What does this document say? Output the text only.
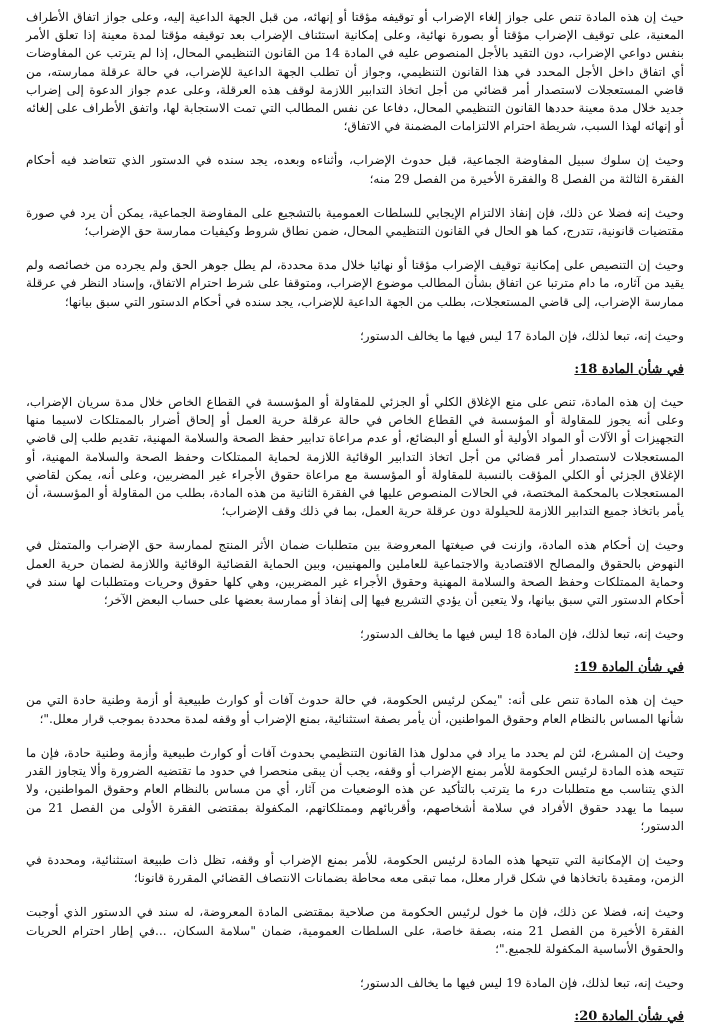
حيث إن هذه المادة تنص على جواز إلغاء الإضراب أو توقيفه مؤقتا أو إنهائه، من قبل الجهة الداعية إليه، وعلى جواز اتفاق الأطراف المعنية، على توقيف الإضراب مؤقتا أو بصورة نهائية، وعلى إمكانية استئناف الإضراب بعد توقيفه مؤقتا لمدة معينة إذا تعلق الأمر بنفس دواعي الإضراب، دون التقيد بالأجل المنصوص عليه في المادة 14 من القانون التنظيمي المحال، إذا لم يترتب عن المفاوضات أي اتفاق داخل الأجل المحدد في هذا القانون التنظيمي، وجواز أن تطلب الجهة الداعية للإضراب، في حالة عرقلة ممارسته، من قاضي المستعجلات لاستصدار أمر قضائي من أجل اتخاذ التدابير اللازمة لوقف هذه العرقلة، وعلى عدم جواز الدعوة إلى إضراب جديد خلال مدة معينة حددها القانون التنظيمي المحال، دفاعا عن نفس المطالب التي تمت الاستجابة لها، واتفق الأطراف على إلغائه أو إنهائه لهذا السبب، شريطة احترام الالتزامات المضمنة في الاتفاق؛

وحيث إن سلوك سبيل المفاوضة الجماعية، قبل حدوث الإضراب، وأثناءه وبعده، يجد سنده في الدستور الذي تتعاضد فيه أحكام الفقرة الثالثة من الفصل 8 والفقرة الأخيرة من الفصل 29 منه؛

وحيث إنه فضلا عن ذلك، فإن إنفاذ الالتزام الإيجابي للسلطات العمومية بالتشجيع على المفاوضة الجماعية، يمكن أن يرد في صورة مقتضيات قانونية، تتدرج، كما هو الحال في القانون التنظيمي المحال، ضمن نطاق شروط وكيفيات ممارسة حق الإضراب؛

وحيث إن التنصيص على إمكانية توقيف الإضراب مؤقتا أو نهائيا خلال مدة محددة، لم يطل جوهر الحق ولم يجرده من خصائصه ولم يقيد من آثاره، ما دام مترتبا عن اتفاق بشأن المطالب موضوع الإضراب، ومتوقفا على شرط احترام الاتفاق، وإسناد النظر في عرقلة ممارسة الإضراب، إلى قاضي المستعجلات، بطلب من الجهة الداعية للإضراب، يجد سنده في أحكام الدستور التي سبق بيانها؛

وحيث إنه، تبعا لذلك، فإن المادة 17 ليس فيها ما يخالف الدستور؛

في شأن المادة 18:

حيث إن هذه المادة، تنص على منع الإغلاق الكلي أو الجزئي للمقاولة أو المؤسسة في القطاع الخاص خلال مدة سريان الإضراب، وعلى أنه يجوز للمقاولة أو المؤسسة في القطاع الخاص في حالة عرقلة حرية العمل أو إلحاق أضرار بالممتلكات لاسيما منها التجهيزات أو الآلات أو المواد الأولية أو السلع أو البضائع، أو عدم مراعاة تدابير حفظ الصحة والسلامة المهنية، تقديم طلب إلى قاضي المستعجلات لاستصدار أمر قضائي من أجل اتخاذ التدابير الوقائية اللازمة لحماية الممتلكات وحفظ الصحة والسلامة المهنية، أو الإغلاق الجزئي أو الكلي المؤقت بالنسبة للمقاولة أو المؤسسة مع مراعاة حقوق الأجراء غير المضربين، وعلى أنه، يمكن لقاضي المستعجلات بالمحكمة المختصة، في الحالات المنصوص عليها في الفقرة الثانية من هذه المادة، بطلب من المقاولة أو المؤسسة، أن يأمر باتخاذ جميع التدابير اللازمة للحيلولة دون عرقلة حرية العمل، بما في ذلك وقف الإضراب؛

وحيث إن أحكام هذه المادة، وازنت في صيغتها المعروضة بين متطلبات ضمان الأثر المنتج لممارسة حق الإضراب والمتمثل في النهوض بالحقوق والمصالح الاقتصادية والاجتماعية للعاملين والمهنيين، وبين الحماية القضائية الوقائية واللازمة لضمان حرية العمل وحماية الممتلكات وحفظ الصحة والسلامة المهنية وحقوق الأجراء غير المضربين، وهي كلها حقوق وحريات ومتطلبات لها سند في أحكام الدستور التي سبق بيانها، ولا يتعين أن يؤدي التشريع فيها إلى إنفاذ أو ممارسة بعضها على حساب البعض الآخر؛

وحيث إنه، تبعا لذلك، فإن المادة 18 ليس فيها ما يخالف الدستور؛

في شأن المادة 19:

حيث إن هذه المادة تنص على أنه: "يمكن لرئيس الحكومة، في حالة حدوث آفات أو كوارث طبيعية أو أزمة وطنية حادة التي من شأنها المساس بالنظام العام وحقوق المواطنين، أن يأمر بصفة استثنائية، بمنع الإضراب أو وقفه لمدة محددة بموجب قرار معلل."؛

وحيث إن المشرع، لئن لم يحدد ما يراد في مدلول هذا القانون التنظيمي بحدوث آفات أو كوارث طبيعية وأزمة وطنية حادة، فإن ما تتيحه هذه المادة لرئيس الحكومة للأمر بمنع الإضراب أو وقفه، يجب أن يبقى منحصرا في حدود ما تقتضيه الضرورة وألا يتجاوز القدر الذي يتناسب مع متطلبات درء ما يترتب بالتأكيد عن هذه الوضعيات من آثار، أي من مساس بالنظام العام وحقوق المواطنين، ولا سيما ما يهدد حقوق الأفراد في سلامة أشخاصهم، وأقربائهم وممتلكاتهم، المكفولة بمقتضى الفقرة الأولى من الفصل 21 من الدستور؛

وحيث إن الإمكانية التي تتيحها هذه المادة لرئيس الحكومة، للأمر بمنع الإضراب أو وقفه، تظل ذات طبيعة استثنائية، ومحددة في الزمن، ومقيدة باتخاذها في شكل قرار معلل، مما تبقى معه محاطة بضمانات الانتصاف القضائي المقررة قانونا؛

وحيث إنه، فضلا عن ذلك، فإن ما خول لرئيس الحكومة من صلاحية بمقتضى المادة المعروضة، له سند في الدستور الذي أوجبت الفقرة الأخيرة من الفصل 21 منه، بصفة خاصة، على السلطات العمومية، ضمان "سلامة السكان، ...في إطار احترام الحريات والحقوق الأساسية المكفولة للجميع."؛

وحيث إنه، تبعا لذلك، فإن المادة 19 ليس فيها ما يخالف الدستور؛

في شأن المادة 20:
